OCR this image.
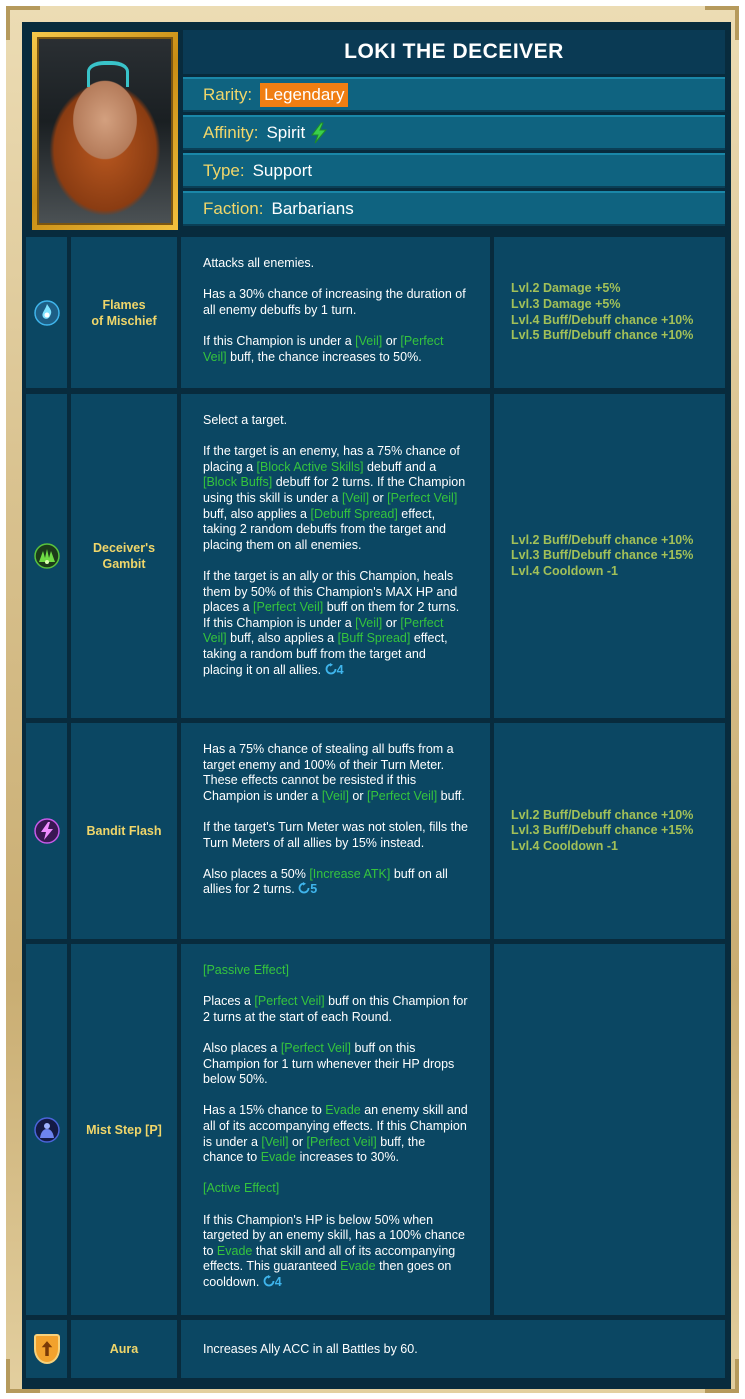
LOKI THE DECEIVER
Rarity: Legendary
Affinity: Spirit
Type: Support
Faction: Barbarians
Flames
of Mischief

Attacks all enemies.

Has a 30% chance of increasing the duration of all enemy debuffs by 1 turn.

If this Champion is under a [Veil] or [Perfect Veil] buff, the chance increases to 50%.

Lvl.2 Damage +5%
Lvl.3 Damage +5%
Lvl.4 Buff/Debuff chance +10%
Lvl.5 Buff/Debuff chance +10%
Deceiver's
Gambit

Select a target.

If the target is an enemy, has a 75% chance of placing a [Block Active Skills] debuff and a [Block Buffs] debuff for 2 turns. If the Champion using this skill is under a [Veil] or [Perfect Veil] buff, also applies a [Debuff Spread] effect, taking 2 random debuffs from the target and placing them on all enemies.

If the target is an ally or this Champion, heals them by 50% of this Champion's MAX HP and places a [Perfect Veil] buff on them for 2 turns. If this Champion is under a [Veil] or [Perfect Veil] buff, also applies a [Buff Spread] effect, taking a random buff from the target and placing it on all allies. 4

Lvl.2 Buff/Debuff chance +10%
Lvl.3 Buff/Debuff chance +15%
Lvl.4 Cooldown -1
Bandit Flash

Has a 75% chance of stealing all buffs from a target enemy and 100% of their Turn Meter. These effects cannot be resisted if this Champion is under a [Veil] or [Perfect Veil] buff.

If the target's Turn Meter was not stolen, fills the Turn Meters of all allies by 15% instead.

Also places a 50% [Increase ATK] buff on all allies for 2 turns. 5

Lvl.2 Buff/Debuff chance +10%
Lvl.3 Buff/Debuff chance +15%
Lvl.4 Cooldown -1
Mist Step [P]

[Passive Effect]

Places a [Perfect Veil] buff on this Champion for 2 turns at the start of each Round.

Also places a [Perfect Veil] buff on this Champion for 1 turn whenever their HP drops below 50%.

Has a 15% chance to Evade an enemy skill and all of its accompanying effects. If this Champion is under a [Veil] or [Perfect Veil] buff, the chance to Evade increases to 30%.

[Active Effect]

If this Champion's HP is below 50% when targeted by an enemy skill, has a 100% chance to Evade that skill and all of its accompanying effects. This guaranteed Evade then goes on cooldown. 4

Aura	Increases Ally ACC in all Battles by 60.
